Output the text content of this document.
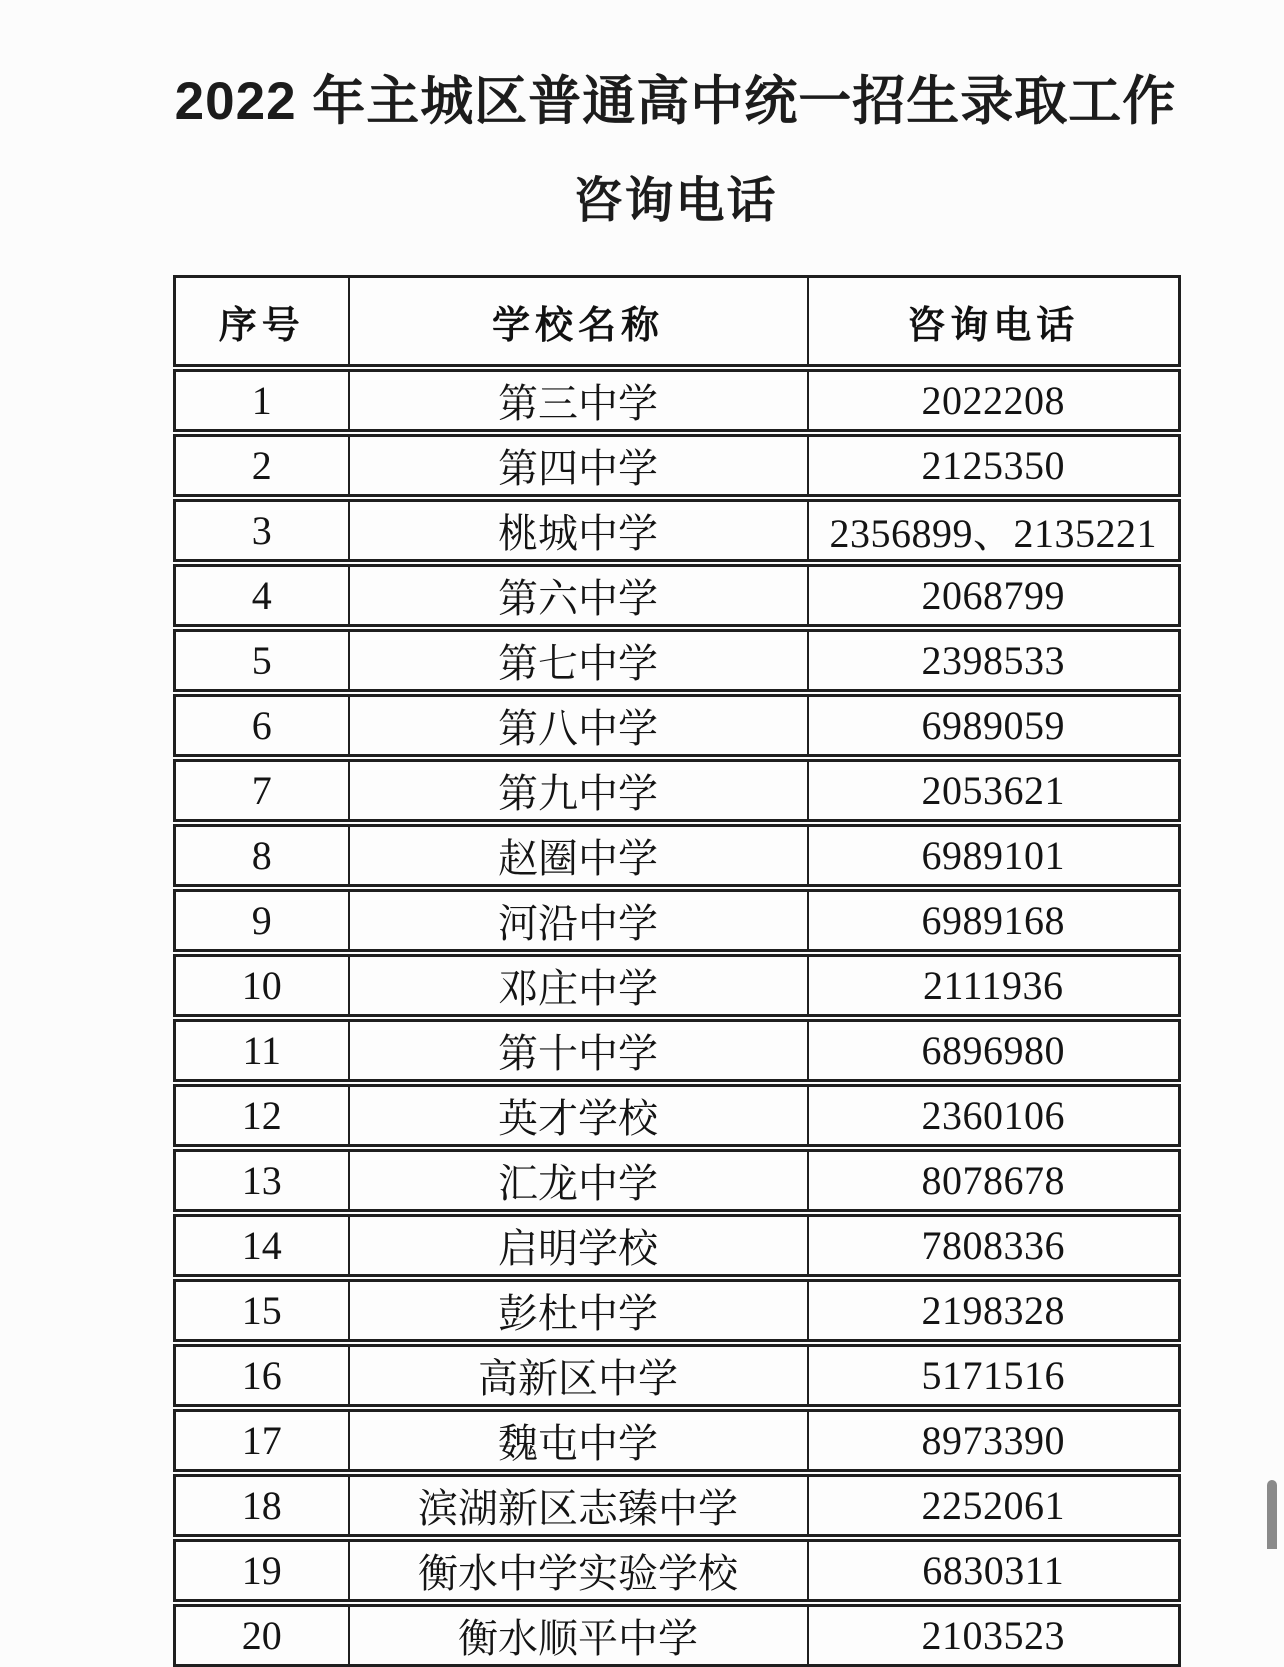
2022 年主城区普通高中统一招生录取工作
咨询电话
序号	学校名称	咨询电话
1	第三中学	2022208
2	第四中学	2125350
3	桃城中学	2356899、2135221
4	第六中学	2068799
5	第七中学	2398533
6	第八中学	6989059
7	第九中学	2053621
8	赵圈中学	6989101
9	河沿中学	6989168
10	邓庄中学	2111936
11	第十中学	6896980
12	英才学校	2360106
13	汇龙中学	8078678
14	启明学校	7808336
15	彭杜中学	2198328
16	高新区中学	5171516
17	魏屯中学	8973390
18	滨湖新区志臻中学	2252061
19	衡水中学实验学校	6830311
20	衡水顺平中学	2103523
